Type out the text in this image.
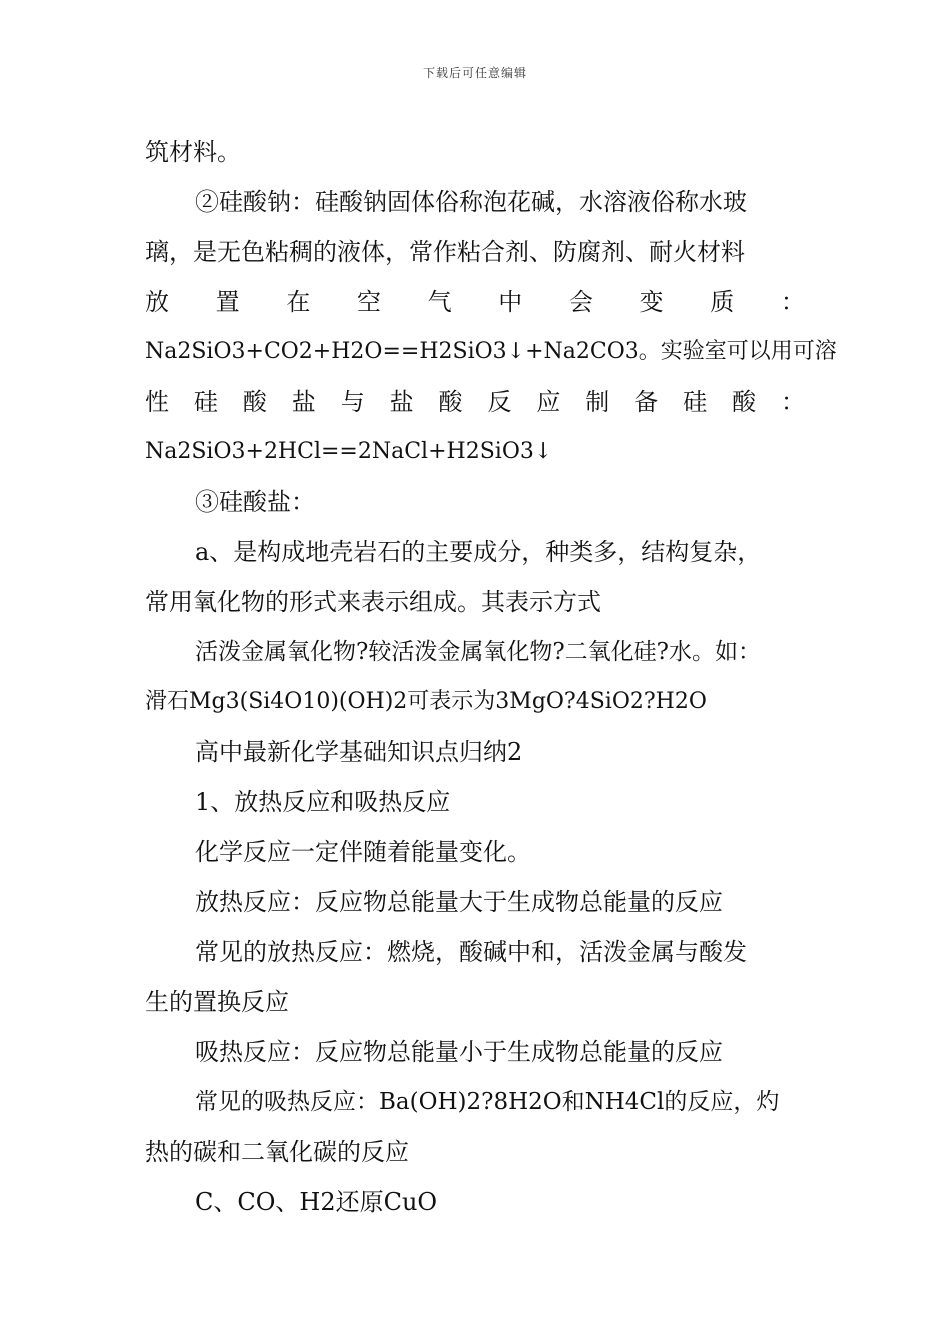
下载后可任意编辑
筑材料。
②硅酸钠：硅酸钠固体俗称泡花碱，水溶液俗称水玻
璃，是无色粘稠的液体，常作粘合剂、防腐剂、耐火材料
放 置 在 空 气 中 会 变 质 ：
Na2SiO3+CO2+H2O==H2SiO3↓+Na2CO3。实验室可以用可溶
性 硅 酸 盐 与 盐 酸 反 应 制 备 硅 酸 ：
Na2SiO3+2HCl==2NaCl+H2SiO3↓
③硅酸盐：
a、是构成地壳岩石的主要成分，种类多，结构复杂，
常用氧化物的形式来表示组成。其表示方式
活泼金属氧化物?较活泼金属氧化物?二氧化硅?水。如：
滑石Mg3(Si4O10)(OH)2可表示为3MgO?4SiO2?H2O
高中最新化学基础知识点归纳2
1、放热反应和吸热反应
化学反应一定伴随着能量变化。
放热反应：反应物总能量大于生成物总能量的反应
常见的放热反应：燃烧，酸碱中和，活泼金属与酸发
生的置换反应
吸热反应：反应物总能量小于生成物总能量的反应
常见的吸热反应：Ba(OH)2?8H2O和NH4Cl的反应，灼
热的碳和二氧化碳的反应
C、CO、H2还原CuO
